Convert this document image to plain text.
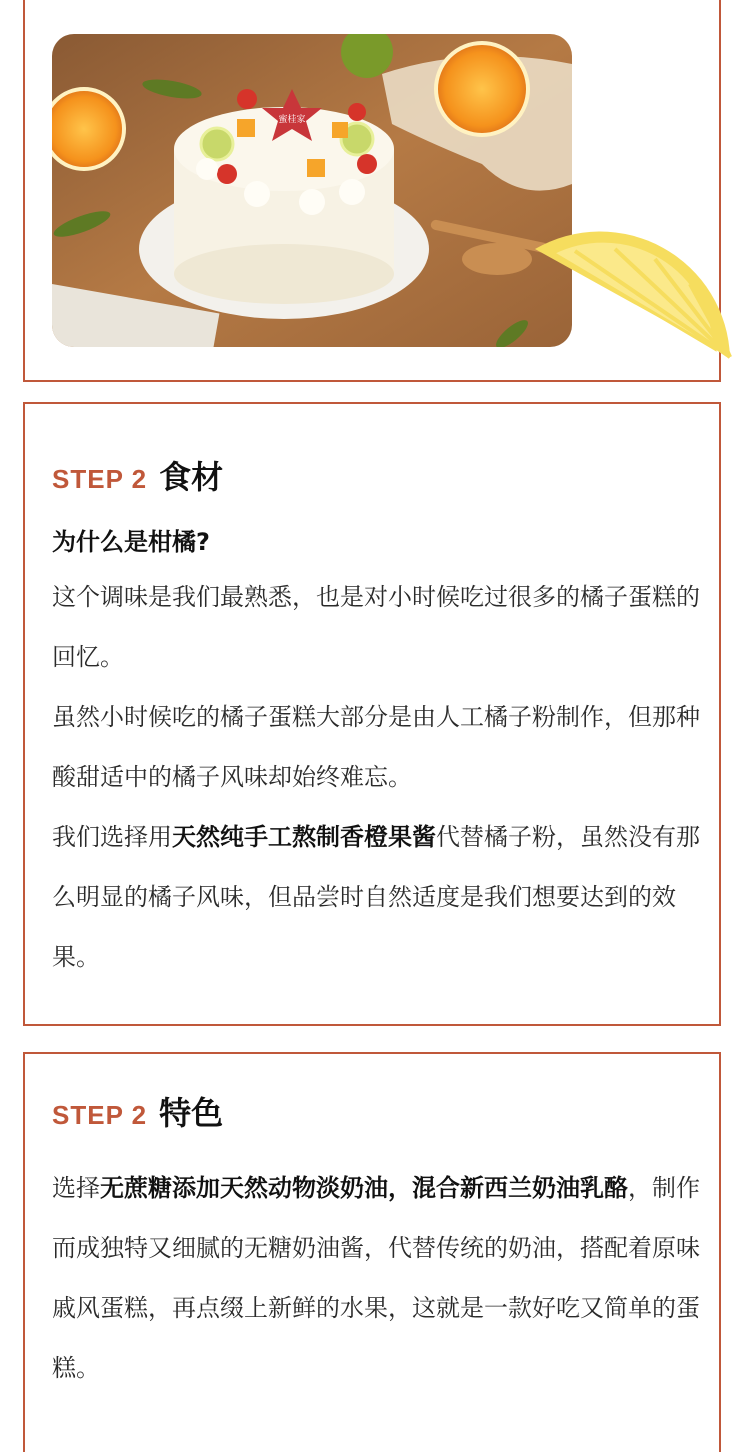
蜜桂家
STEP 2 食材
为什么是柑橘?

这个调味是我们最熟悉，也是对小时候吃过很多的橘子蛋糕的回忆。

虽然小时候吃的橘子蛋糕大部分是由人工橘子粉制作，但那种酸甜适中的橘子风味却始终难忘。

我们选择用天然纯手工熬制香橙果酱代替橘子粉，虽然没有那么明显的橘子风味，但品尝时自然适度是我们想要达到的效果。

STEP 2 特色

选择无蔗糖添加天然动物淡奶油，混合新西兰奶油乳酪，制作而成独特又细腻的无糖奶油酱，代替传统的奶油，搭配着原味戚风蛋糕，再点缀上新鲜的水果，这就是一款好吃又简单的蛋糕。
